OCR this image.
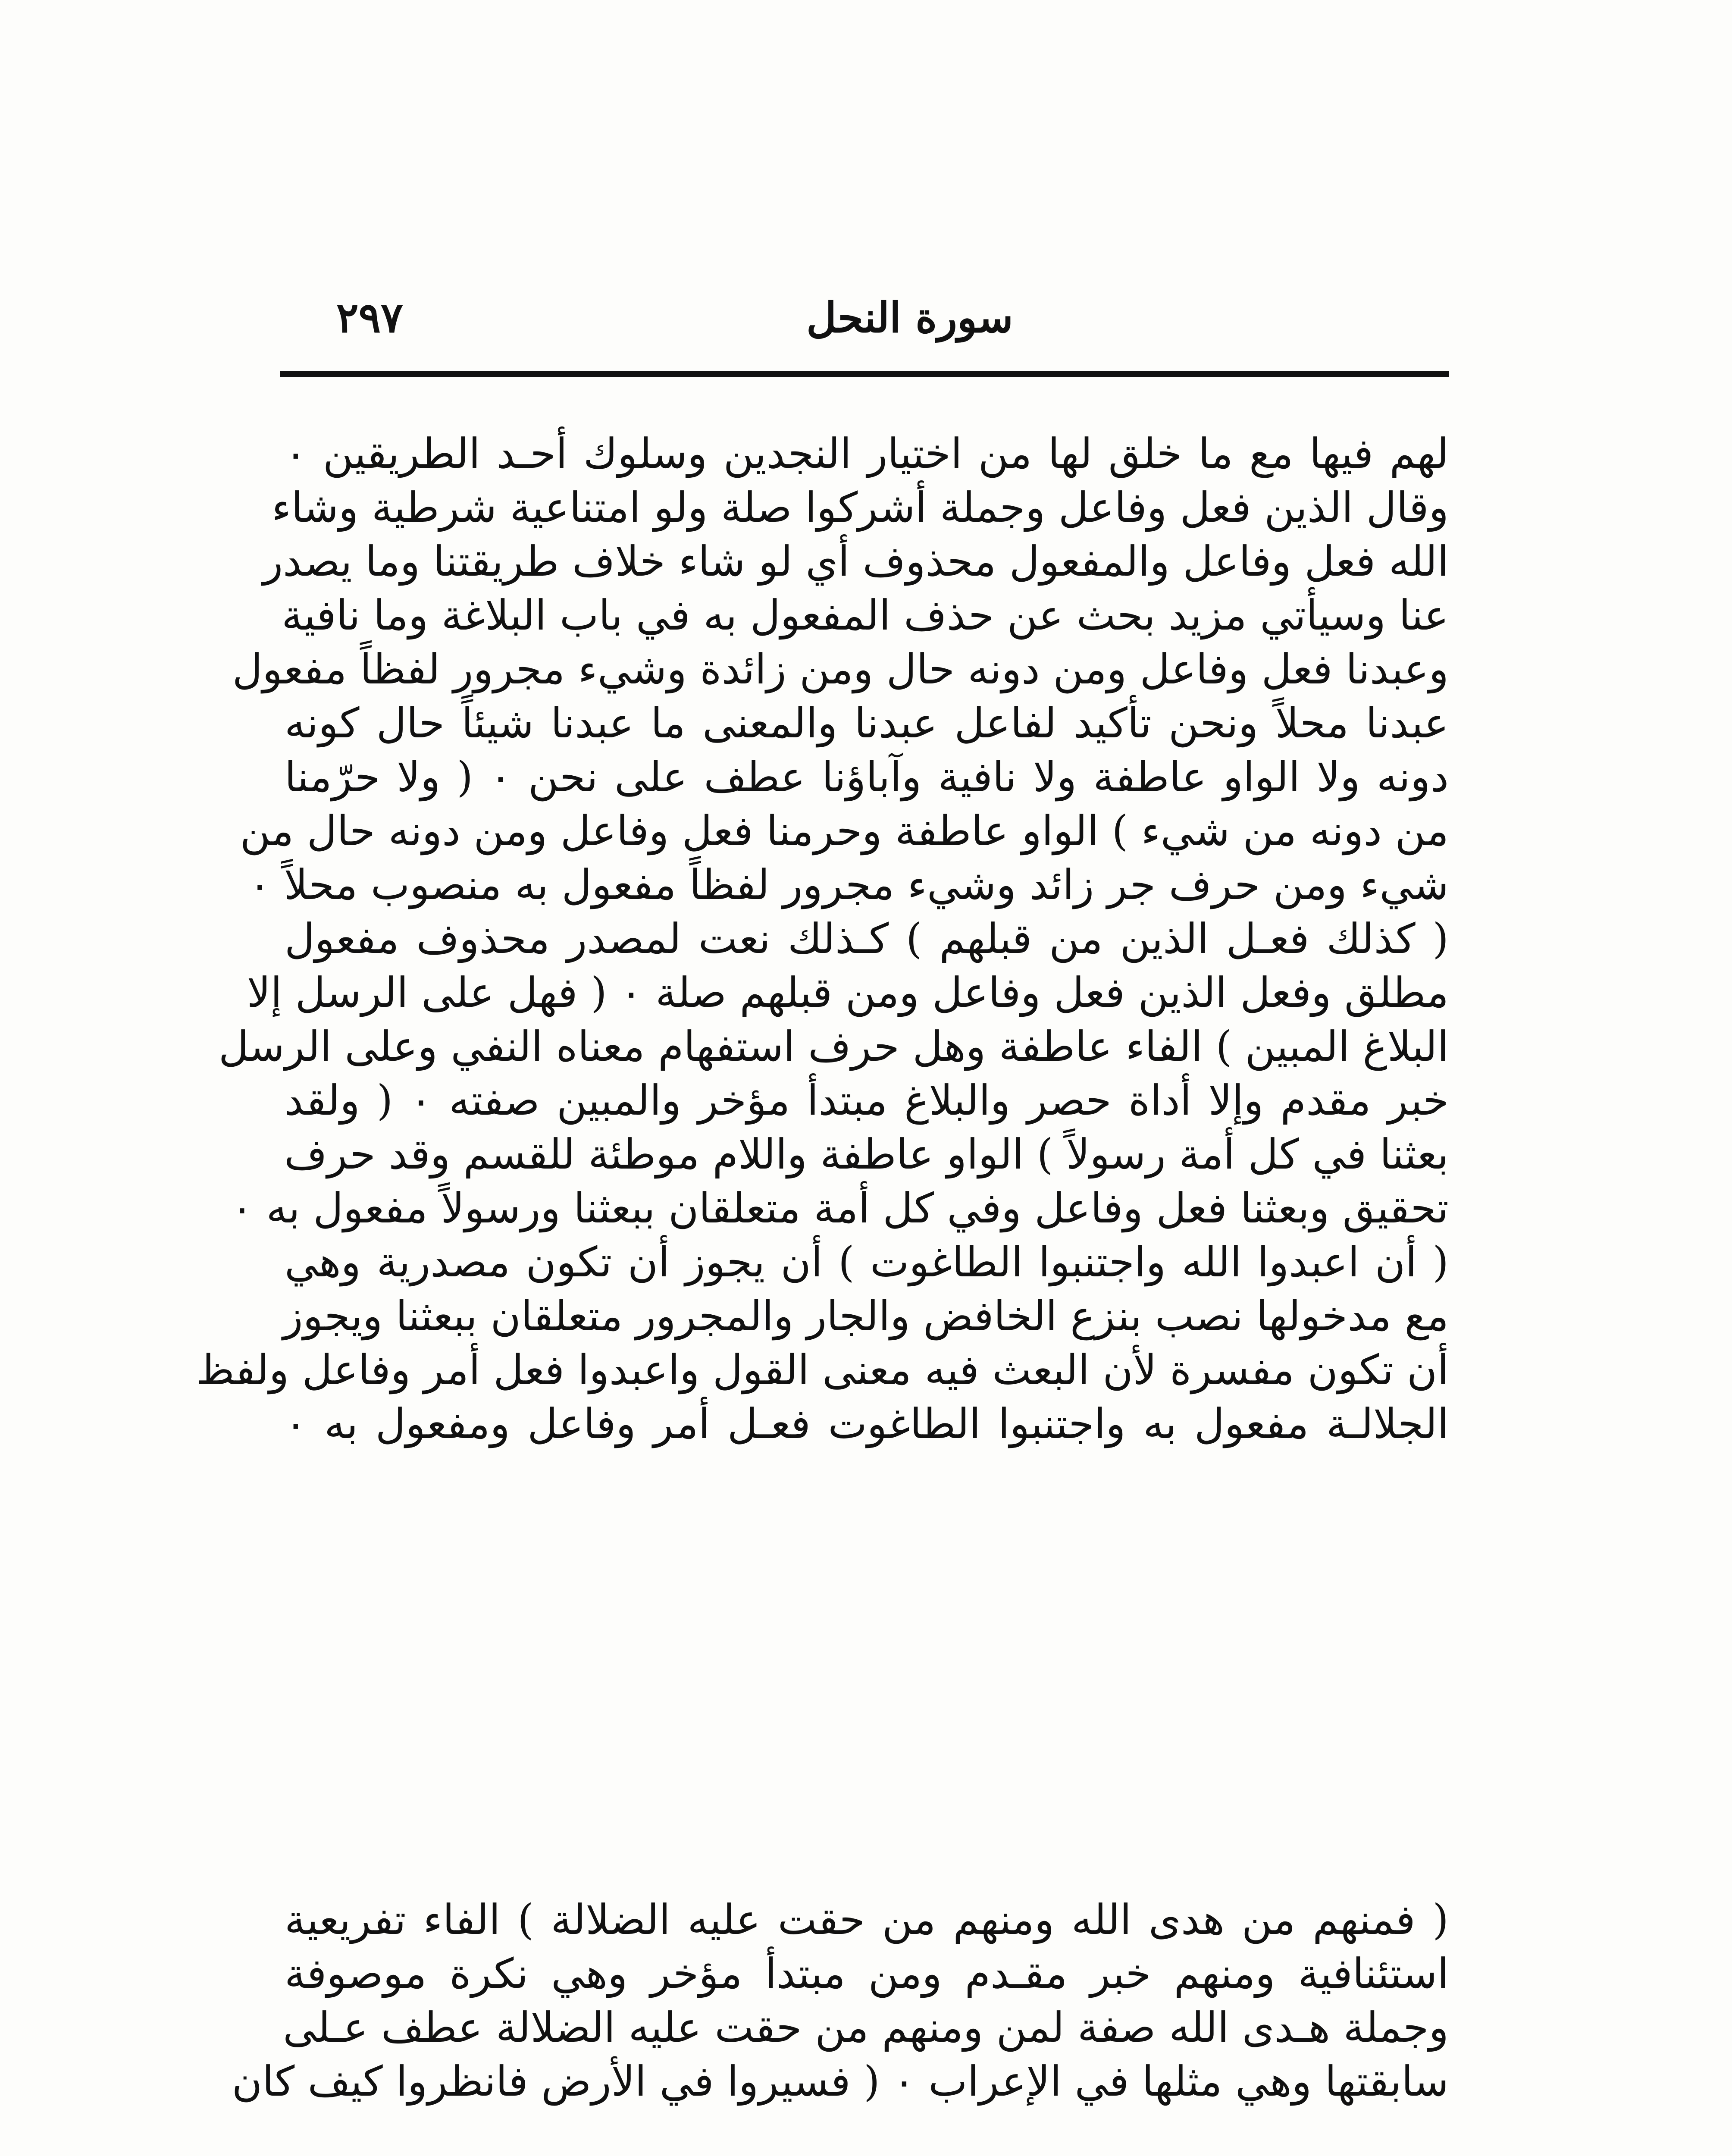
٢٩٧	سورة النحل
لهم فيها مع ما خلق لها من اختيار النجدين وسلوك أحـد الطريقين ٠
وقال الذين فعل وفاعل وجملة أشركوا صلة ولو امتناعية شرطية وشاء
الله فعل وفاعل والمفعول محذوف أي لو شاء خلاف طريقتنا وما يصدر
عنا وسيأتي مزيد بحث عن حذف المفعول به في باب البلاغة وما نافية
وعبدنا فعل وفاعل ومن دونه حال ومن زائدة وشيء مجرور لفظاً مفعول
عبدنا محلاً ونحن تأكيد لفاعل عبدنا والمعنى ما عبدنا شيئاً حال كونه
دونه ولا الواو عاطفة ولا نافية وآباؤنا عطف على نحن ٠ ( ولا حرّمنا
من دونه من شيء ) الواو عاطفة وحرمنا فعل وفاعل ومن دونه حال من
شيء ومن حرف جر زائد وشيء مجرور لفظاً مفعول به منصوب محلاً ٠
( كذلك فعـل الذين من قبلهم ) كـذلك نعت لمصدر محذوف مفعول
مطلق وفعل الذين فعل وفاعل ومن قبلهم صلة ٠ ( فهل على الرسل إلا
البلاغ المبين ) الفاء عاطفة وهل حرف استفهام معناه النفي وعلى الرسل
خبر مقدم وإلا أداة حصر والبلاغ مبتدأ مؤخر والمبين صفته ٠ ( ولقد
بعثنا في كل أمة رسولاً ) الواو عاطفة واللام موطئة للقسم وقد حرف
تحقيق وبعثنا فعل وفاعل وفي كل أمة متعلقان ببعثنا ورسولاً مفعول به ٠
( أن اعبدوا الله واجتنبوا الطاغوت ) أن يجوز أن تكون مصدرية وهي
مع مدخولها نصب بنزع الخافض والجار والمجرور متعلقان ببعثنا ويجوز
أن تكون مفسرة لأن البعث فيه معنى القول واعبدوا فعل أمر وفاعل ولفظ
الجلالـة مفعول به واجتنبوا الطاغوت فعـل أمر وفاعل ومفعول به ٠
( فمنهم من هدى الله ومنهم من حقت عليه الضلالة ) الفاء تفريعية
استئنافية ومنهم خبر مقـدم ومن مبتدأ مؤخر وهي نكرة موصوفة
وجملة هـدى الله صفة لمن ومنهم من حقت عليه الضلالة عطف عـلى
سابقتها وهي مثلها في الإعراب ٠ ( فسيروا في الأرض فانظروا كيف كان
